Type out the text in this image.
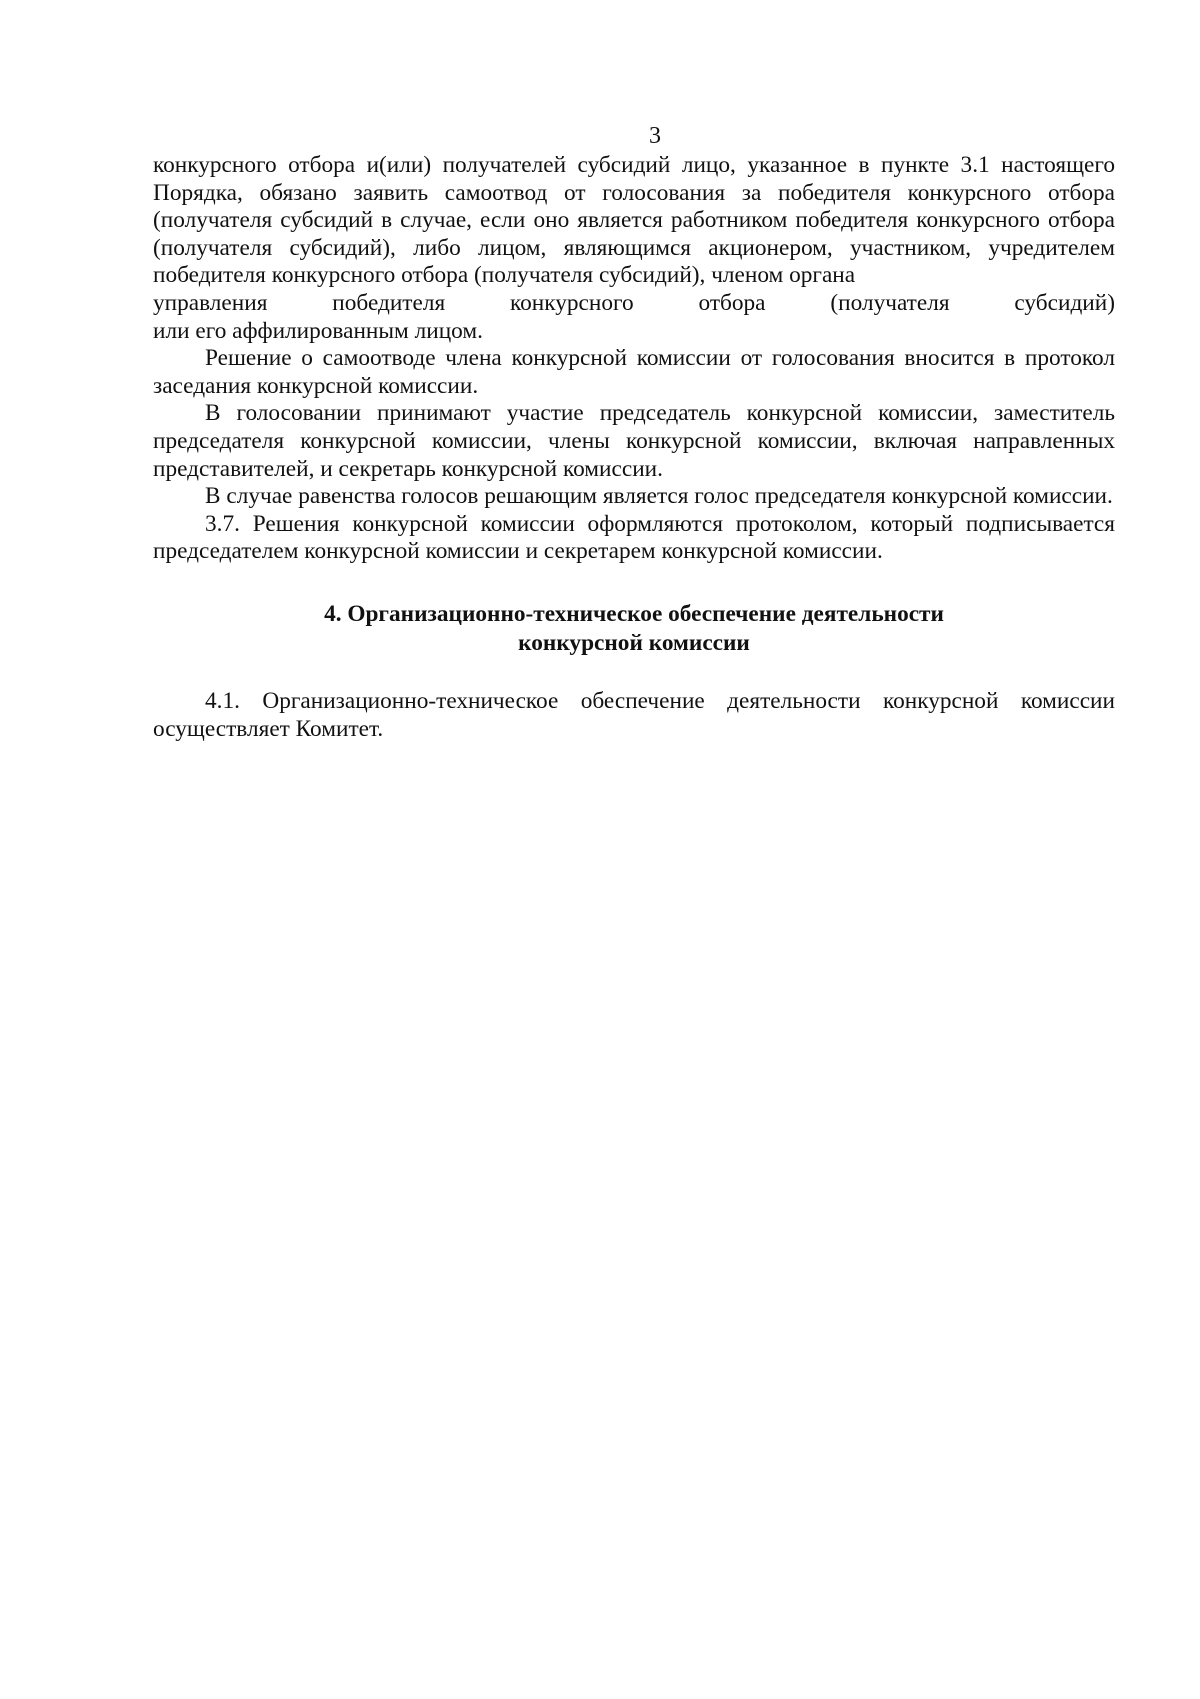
3

конкурсного отбора и(или) получателей субсидий лицо, указанное в пункте 3.1 настоящего Порядка, обязано заявить самоотвод от голосования за победителя конкурсного отбора (получателя субсидий в случае, если оно является работником победителя конкурсного отбора (получателя субсидий), либо лицом, являющимся акционером, участником, учредителем победителя конкурсного отбора (получателя субсидий), членом органа

управления победителя конкурсного отбора (получателя субсидий)

или его аффилированным лицом.

Решение о самоотводе члена конкурсной комиссии от голосования вносится в протокол заседания конкурсной комиссии.

В голосовании принимают участие председатель конкурсной комиссии, заместитель председателя конкурсной комиссии, члены конкурсной комиссии, включая направленных представителей, и секретарь конкурсной комиссии.

В случае равенства голосов решающим является голос председателя конкурсной комиссии.

3.7. Решения конкурсной комиссии оформляются протоколом, который подписывается председателем конкурсной комиссии и секретарем конкурсной комиссии.

4. Организационно-техническое обеспечение деятельности
конкурсной комиссии

4.1. Организационно-техническое обеспечение деятельности конкурсной комиссии осуществляет Комитет.
